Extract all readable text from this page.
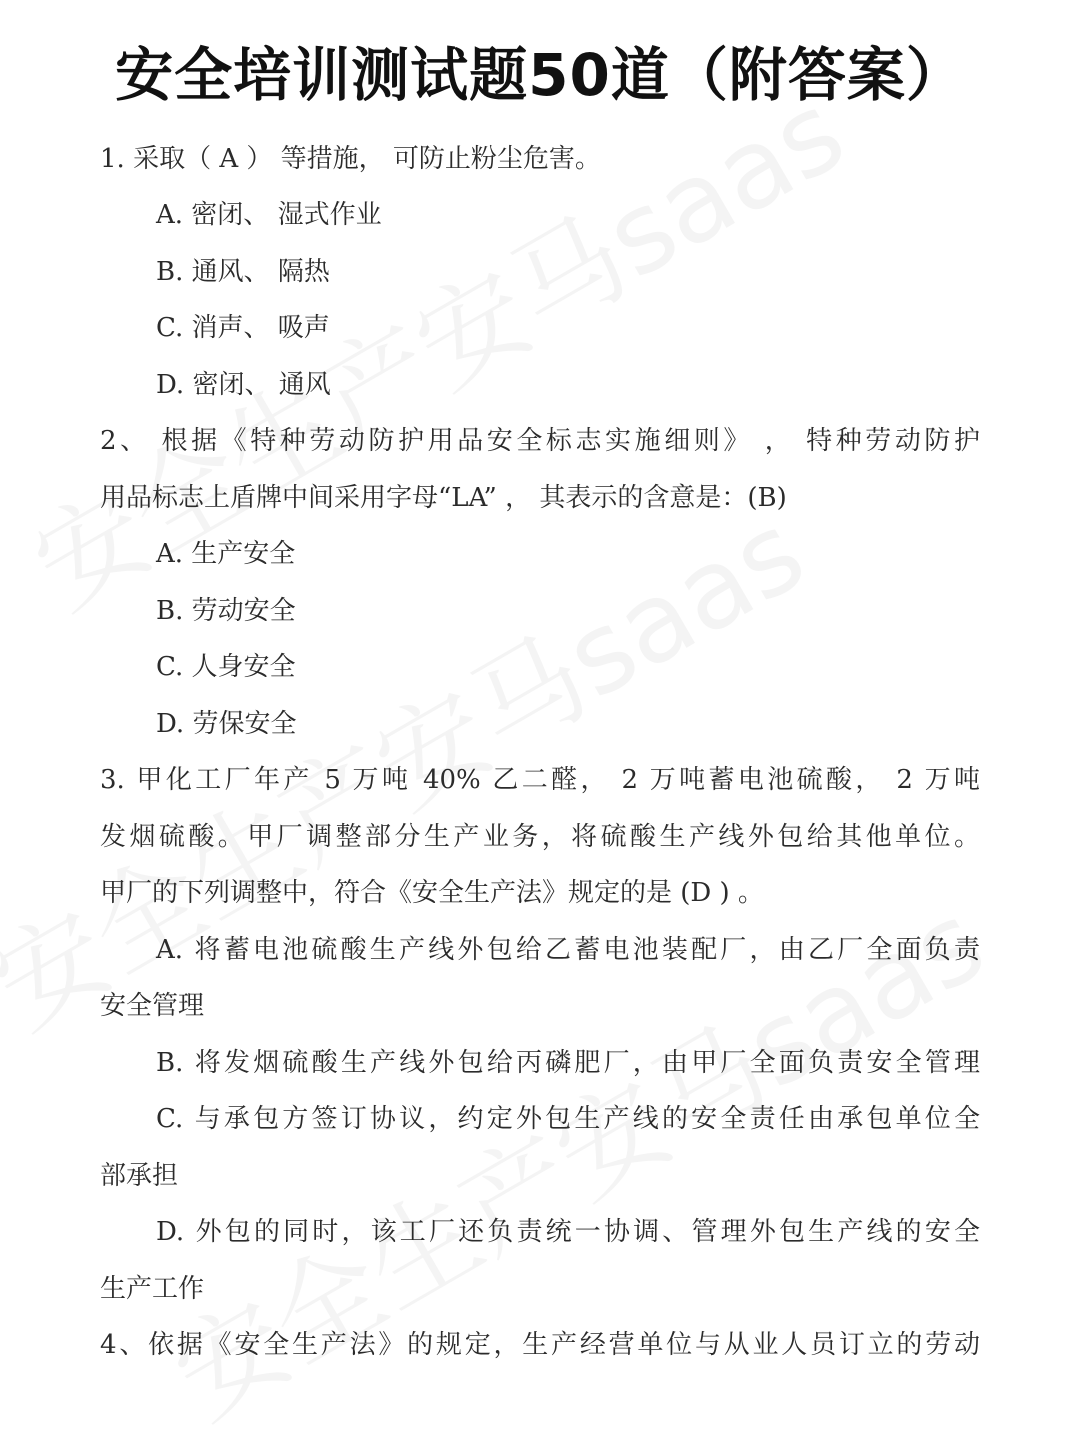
安全培训测试题50道（附答案）
1. 采取（ A ） 等措施， 可防止粉尘危害。
A. 密闭、 湿式作业
B. 通风、 隔热
C. 消声、 吸声
D. 密闭、 通风
2、 根据《特种劳动防护用品安全标志实施细则》 ， 特种劳动防护
用品标志上盾牌中间采用字母“LA” ， 其表示的含意是：(B)
A. 生产安全
B. 劳动安全
C. 人身安全
D. 劳保安全
3. 甲化工厂年产 5 万吨 40% 乙二醛， 2 万吨蓄电池硫酸， 2 万吨
发烟硫酸。甲厂调整部分生产业务，将硫酸生产线外包给其他单位。
甲厂的下列调整中，符合《安全生产法》规定的是 (D ) 。
A. 将蓄电池硫酸生产线外包给乙蓄电池装配厂，由乙厂全面负责
安全管理
B. 将发烟硫酸生产线外包给丙磷肥厂，由甲厂全面负责安全管理
C. 与承包方签订协议，约定外包生产线的安全责任由承包单位全
部承担
D. 外包的同时，该工厂还负责统一协调、管理外包生产线的安全
生产工作
4、依据《安全生产法》的规定，生产经营单位与从业人员订立的劳动
